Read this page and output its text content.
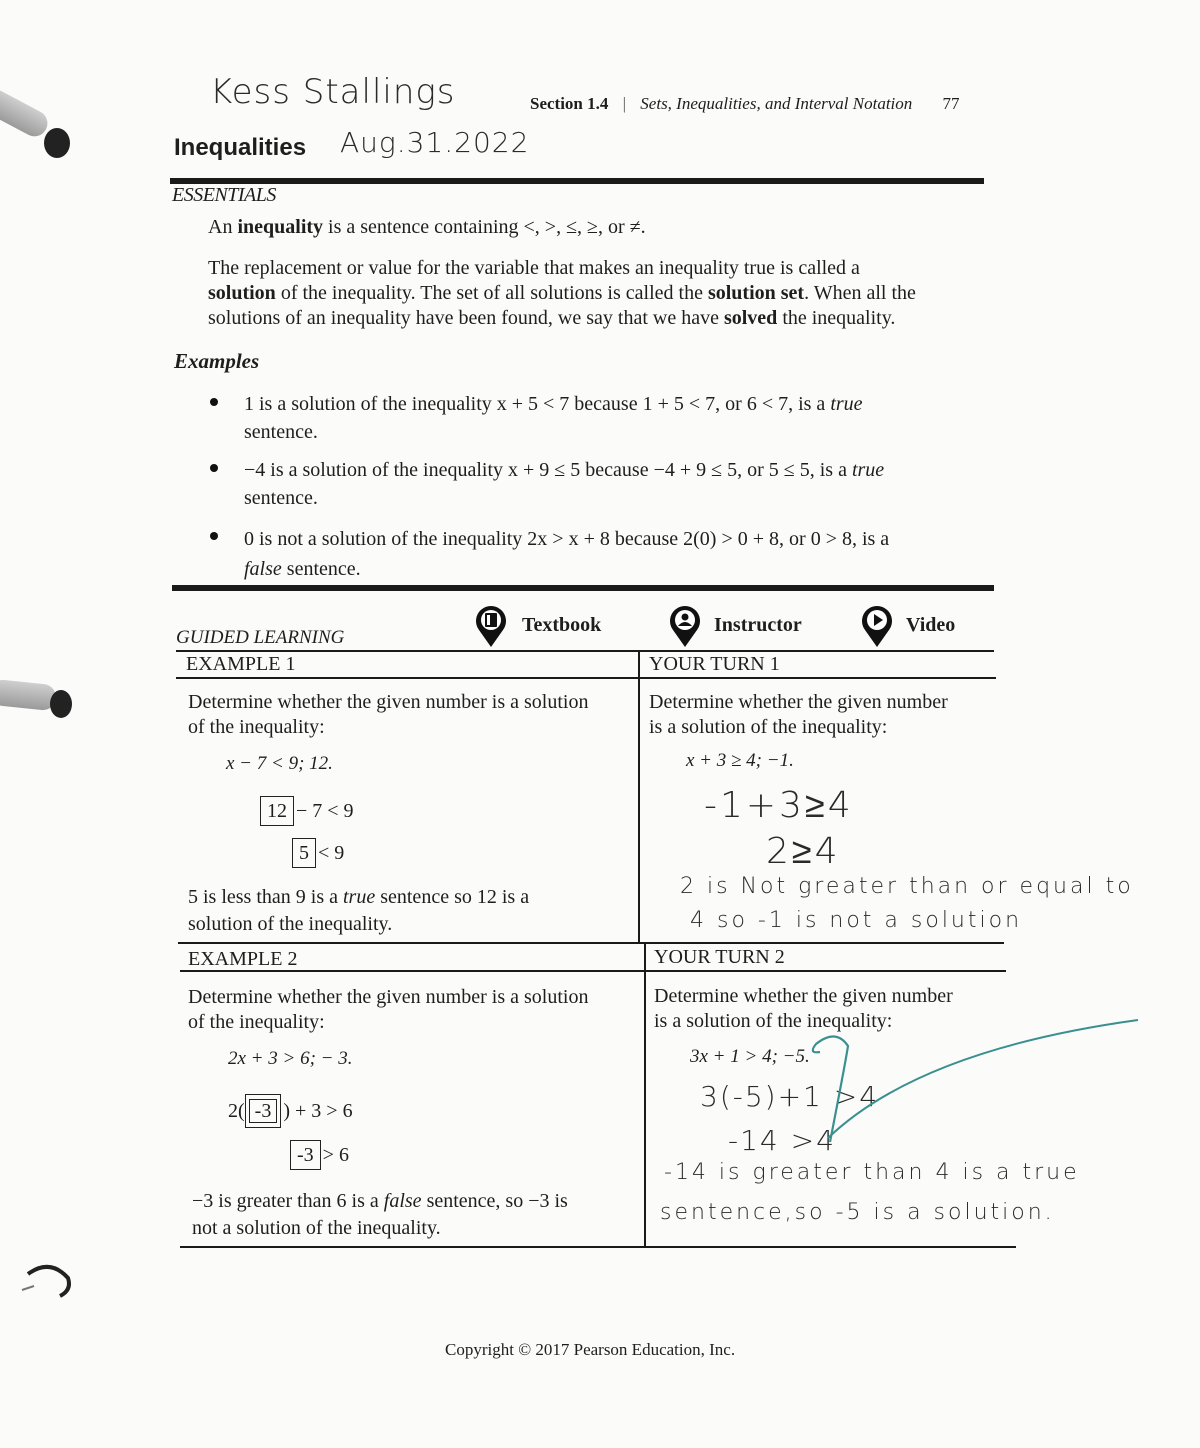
Kess Stallings	Section 1.4 | Sets, Inequalities, and Interval Notation 77
Inequalities Aug.31.2022
ESSENTIALS
An inequality is a sentence containing <, >, ≤, ≥, or ≠.
The replacement or value for the variable that makes an inequality true is called a
solution of the inequality. The set of all solutions is called the solution set. When all the
solutions of an inequality have been found, we say that we have solved the inequality.
Examples
1 is a solution of the inequality x + 5 < 7 because 1 + 5 < 7, or 6 < 7, is a true
sentence.
−4 is a solution of the inequality x + 9 ≤ 5 because −4 + 9 ≤ 5, or 5 ≤ 5, is a true
sentence.
0 is not a solution of the inequality 2x > x + 8 because 2(0) > 0 + 8, or 0 > 8, is a
false sentence.
GUIDED LEARNING
Textbook	Instructor	Video
EXAMPLE 1
Determine whether the given number is a solution
of the inequality:
x − 7 < 9; 12.
12 − 7 < 9
5 < 9
5 is less than 9 is a true sentence so 12 is a
solution of the inequality.
YOUR TURN 1
Determine whether the given number
is a solution of the inequality:
x + 3 ≥ 4; −1.
-1+3≥4
2≥4
2 is Not greater than or equal to
4 so -1 is not a solution
EXAMPLE 2
Determine whether the given number is a solution
of the inequality:
2x + 3 > 6; − 3.
2( -3 ) + 3 > 6
-3 > 6
−3 is greater than 6 is a false sentence, so −3 is
not a solution of the inequality.
YOUR TURN 2
Determine whether the given number
is a solution of the inequality:
3x + 1 > 4; −5.
3(-5)+1 >4
-14 >4
-14 is greater than 4 is a true
sentence,so -5 is a solution.
Copyright © 2017 Pearson Education, Inc.
